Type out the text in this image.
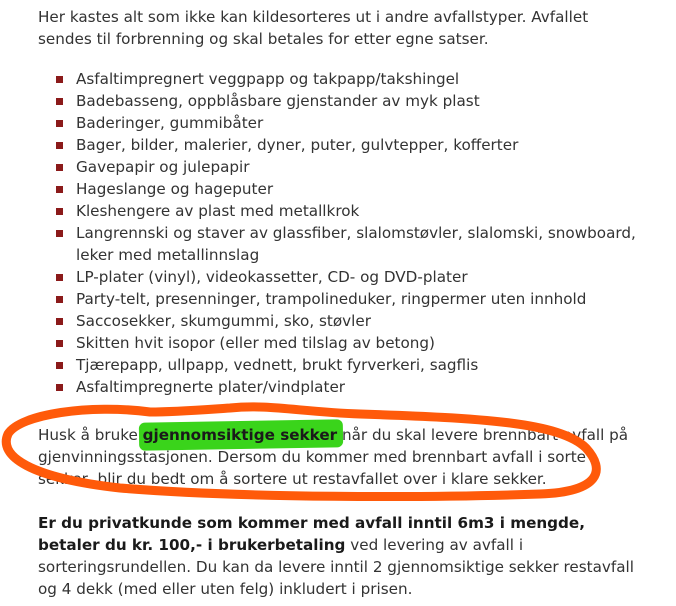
Her kastes alt som ikke kan kildesorteres ut i andre avfallstyper. Avfallet sendes til forbrenning og skal betales for etter egne satser.

Asfaltimpregnert veggpapp og takpapp/takshingel
Badebasseng, oppblåsbare gjenstander av myk plast
Baderinger, gummibåter
Bager, bilder, malerier, dyner, puter, gulvtepper, kofferter
Gavepapir og julepapir
Hageslange og hageputer
Kleshengere av plast med metallkrok
Langrennski og staver av glassfiber, slalomstøvler, slalomski, snowboard, leker med metallinnslag
LP-plater (vinyl), videokassetter, CD- og DVD-plater
Party-telt, presenninger, trampolineduker, ringpermer uten innhold
Saccosekker, skumgummi, sko, støvler
Skitten hvit isopor (eller med tilslag av betong)
Tjærepapp, ullpapp, vednett, brukt fyrverkeri, sagflis
Asfaltimpregnerte plater/vindplater

Husk å bruke
gjennomsiktige sekker når du skal levere brennbart avfall på gjenvinningsstasjonen. Dersom du kommer med brennbart avfall i sorte sekker, blir du bedt om å sortere ut restavfallet over i klare sekker.

Er du privatkunde som kommer med avfall inntil 6m3 i mengde, betaler du kr. 100,- i brukerbetaling ved levering av avfall i sorteringsrundellen. Du kan da levere inntil 2 gjennomsiktige sekker restavfall og 4 dekk (med eller uten felg) inkludert i prisen.
